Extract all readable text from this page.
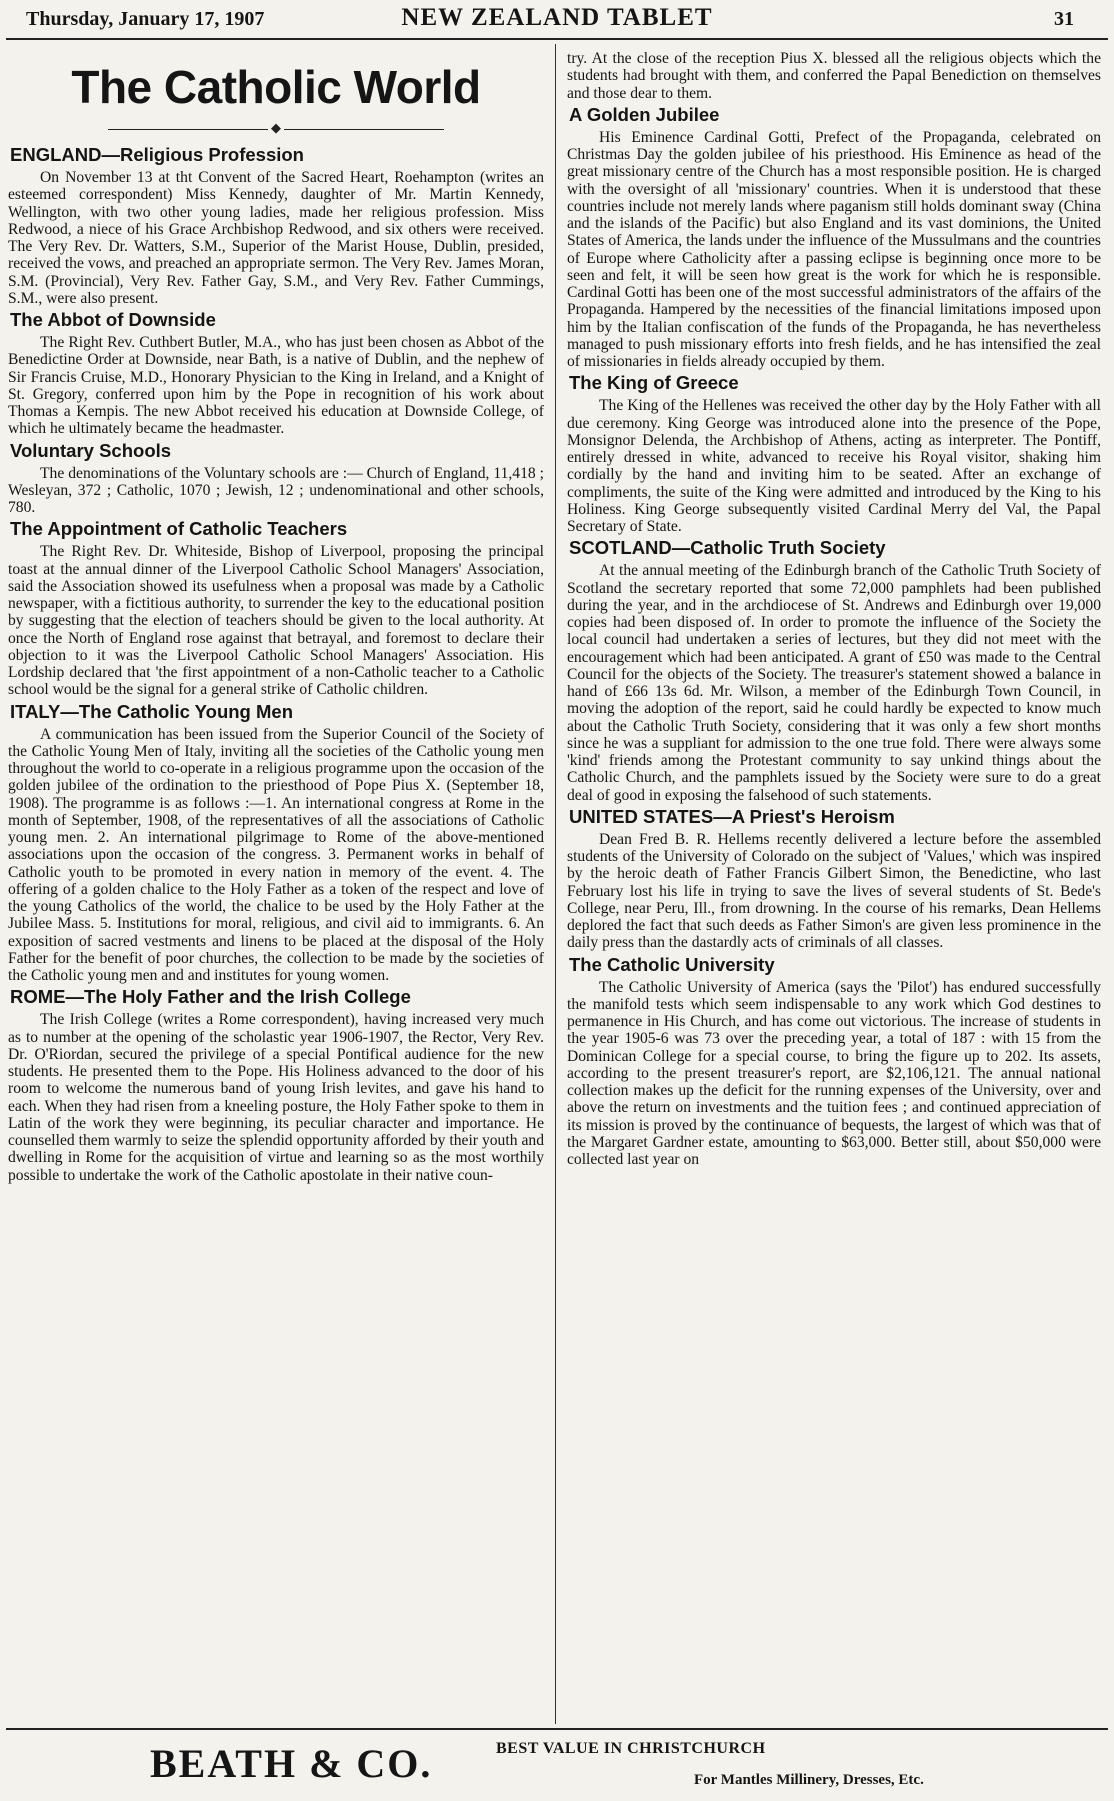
Thursday, January 17, 1907	NEW ZEALAND TABLET	31
The Catholic World
◆
ENGLAND—Religious Profession

On November 13 at tht Convent of the Sacred Heart, Roehampton (writes an esteemed correspondent) Miss Kennedy, daughter of Mr. Martin Kennedy, Wellington, with two other young ladies, made her religious profession. Miss Redwood, a niece of his Grace Archbishop Redwood, and six others were received. The Very Rev. Dr. Watters, S.M., Superior of the Marist House, Dublin, presided, received the vows, and preached an appropriate sermon. The Very Rev. James Moran, S.M. (Provincial), Very Rev. Father Gay, S.M., and Very Rev. Father Cummings, S.M., were also present.

The Abbot of Downside

The Right Rev. Cuthbert Butler, M.A., who has just been chosen as Abbot of the Benedictine Order at Downside, near Bath, is a native of Dublin, and the nephew of Sir Francis Cruise, M.D., Honorary Physician to the King in Ireland, and a Knight of St. Gregory, conferred upon him by the Pope in recognition of his work about Thomas a Kempis. The new Abbot received his education at Downside College, of which he ultimately became the headmaster.

Voluntary Schools

The denominations of the Voluntary schools are :— Church of England, 11,418 ; Wesleyan, 372 ; Catholic, 1070 ; Jewish, 12 ; undenominational and other schools, 780.

The Appointment of Catholic Teachers

The Right Rev. Dr. Whiteside, Bishop of Liverpool, proposing the principal toast at the annual dinner of the Liverpool Catholic School Managers' Association, said the Association showed its usefulness when a proposal was made by a Catholic newspaper, with a fictitious authority, to surrender the key to the educational position by suggesting that the election of teachers should be given to the local authority. At once the North of England rose against that betrayal, and foremost to declare their objection to it was the Liverpool Catholic School Managers' Association. His Lordship declared that 'the first appointment of a non-Catholic teacher to a Catholic school would be the signal for a general strike of Catholic children.

ITALY—The Catholic Young Men

A communication has been issued from the Superior Council of the Society of the Catholic Young Men of Italy, inviting all the societies of the Catholic young men throughout the world to co-operate in a religious programme upon the occasion of the golden jubilee of the ordination to the priesthood of Pope Pius X. (September 18, 1908). The programme is as follows :—1. An international congress at Rome in the month of September, 1908, of the representatives of all the associations of Catholic young men. 2. An international pilgrimage to Rome of the above-mentioned associations upon the occasion of the congress. 3. Permanent works in behalf of Catholic youth to be promoted in every nation in memory of the event. 4. The offering of a golden chalice to the Holy Father as a token of the respect and love of the young Catholics of the world, the chalice to be used by the Holy Father at the Jubilee Mass. 5. Institutions for moral, religious, and civil aid to immigrants. 6. An exposition of sacred vestments and linens to be placed at the disposal of the Holy Father for the benefit of poor churches, the collection to be made by the societies of the Catholic young men and and institutes for young women.

ROME—The Holy Father and the Irish College

The Irish College (writes a Rome correspondent), having increased very much as to number at the opening of the scholastic year 1906-1907, the Rector, Very Rev. Dr. O'Riordan, secured the privilege of a special Pontifical audience for the new students. He presented them to the Pope. His Holiness advanced to the door of his room to welcome the numerous band of young Irish levites, and gave his hand to each. When they had risen from a kneeling posture, the Holy Father spoke to them in Latin of the work they were beginning, its peculiar character and importance. He counselled them warmly to seize the splendid opportunity afforded by their youth and dwelling in Rome for the acquisition of virtue and learning so as the most worthily possible to undertake the work of the Catholic apostolate in their native coun-

try. At the close of the reception Pius X. blessed all the religious objects which the students had brought with them, and conferred the Papal Benediction on themselves and those dear to them.

A Golden Jubilee

His Eminence Cardinal Gotti, Prefect of the Propaganda, celebrated on Christmas Day the golden jubilee of his priesthood. His Eminence as head of the great missionary centre of the Church has a most responsible position. He is charged with the oversight of all 'missionary' countries. When it is understood that these countries include not merely lands where paganism still holds dominant sway (China and the islands of the Pacific) but also England and its vast dominions, the United States of America, the lands under the influence of the Mussulmans and the countries of Europe where Catholicity after a passing eclipse is beginning once more to be seen and felt, it will be seen how great is the work for which he is responsible. Cardinal Gotti has been one of the most successful administrators of the affairs of the Propaganda. Hampered by the necessities of the financial limitations imposed upon him by the Italian confiscation of the funds of the Propaganda, he has nevertheless managed to push missionary efforts into fresh fields, and he has intensified the zeal of missionaries in fields already occupied by them.

The King of Greece

The King of the Hellenes was received the other day by the Holy Father with all due ceremony. King George was introduced alone into the presence of the Pope, Monsignor Delenda, the Archbishop of Athens, acting as interpreter. The Pontiff, entirely dressed in white, advanced to receive his Royal visitor, shaking him cordially by the hand and inviting him to be seated. After an exchange of compliments, the suite of the King were admitted and introduced by the King to his Holiness. King George subsequently visited Cardinal Merry del Val, the Papal Secretary of State.

SCOTLAND—Catholic Truth Society

At the annual meeting of the Edinburgh branch of the Catholic Truth Society of Scotland the secretary reported that some 72,000 pamphlets had been published during the year, and in the archdiocese of St. Andrews and Edinburgh over 19,000 copies had been disposed of. In order to promote the influence of the Society the local council had undertaken a series of lectures, but they did not meet with the encouragement which had been anticipated. A grant of £50 was made to the Central Council for the objects of the Society. The treasurer's statement showed a balance in hand of £66 13s 6d. Mr. Wilson, a member of the Edinburgh Town Council, in moving the adoption of the report, said he could hardly be expected to know much about the Catholic Truth Society, considering that it was only a few short months since he was a suppliant for admission to the one true fold. There were always some 'kind' friends among the Protestant community to say unkind things about the Catholic Church, and the pamphlets issued by the Society were sure to do a great deal of good in exposing the falsehood of such statements.

UNITED STATES—A Priest's Heroism

Dean Fred B. R. Hellems recently delivered a lecture before the assembled students of the University of Colorado on the subject of 'Values,' which was inspired by the heroic death of Father Francis Gilbert Simon, the Benedictine, who last February lost his life in trying to save the lives of several students of St. Bede's College, near Peru, Ill., from drowning. In the course of his remarks, Dean Hellems deplored the fact that such deeds as Father Simon's are given less prominence in the daily press than the dastardly acts of criminals of all classes.

The Catholic University

The Catholic University of America (says the 'Pilot') has endured successfully the manifold tests which seem indispensable to any work which God destines to permanence in His Church, and has come out victorious. The increase of students in the year 1905-6 was 73 over the preceding year, a total of 187 : with 15 from the Dominican College for a special course, to bring the figure up to 202. Its assets, according to the present treasurer's report, are $2,106,121. The annual national collection makes up the deficit for the running expenses of the University, over and above the return on investments and the tuition fees ; and continued appreciation of its mission is proved by the continuance of bequests, the largest of which was that of the Margaret Gardner estate, amounting to $63,000. Better still, about $50,000 were collected last year on

BEATH & CO.	BEST VALUE IN CHRISTCHURCH
For Mantles Millinery, Dresses, Etc.
